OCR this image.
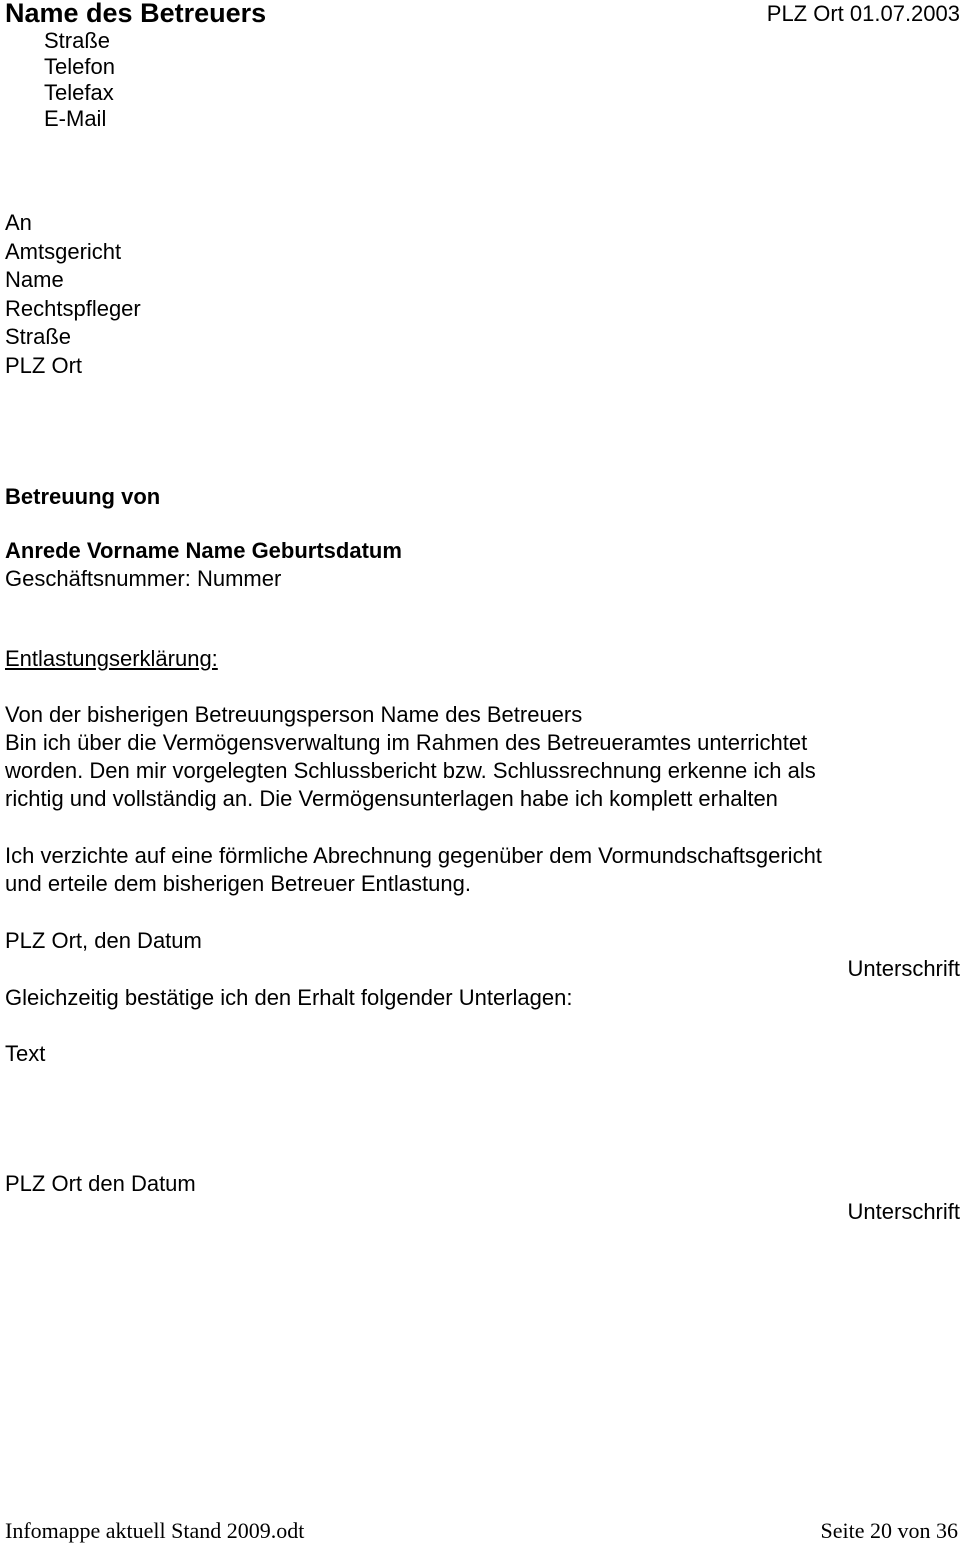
Name des Betreuers	PLZ Ort 01.07.2003
Straße
Telefon
Telefax
E-Mail
An
Amtsgericht
Name
Rechtspfleger
Straße
PLZ Ort
Betreuung von
Anrede Vorname Name Geburtsdatum
Geschäftsnummer: Nummer
Entlastungserklärung:
Von der bisherigen Betreuungsperson Name des Betreuers
Bin ich über die Vermögensverwaltung im Rahmen des Betreueramtes unterrichtet
worden. Den mir vorgelegten Schlussbericht bzw. Schlussrechnung erkenne ich als
richtig und vollständig an. Die Vermögensunterlagen habe ich komplett erhalten
Ich verzichte auf eine förmliche Abrechnung gegenüber dem Vormundschaftsgericht
und erteile dem bisherigen Betreuer Entlastung.
PLZ Ort, den Datum
Unterschrift
Gleichzeitig bestätige ich den Erhalt folgender Unterlagen:
Text
PLZ Ort den Datum
Unterschrift
Infomappe aktuell Stand 2009.odt	Seite 20 von 36
